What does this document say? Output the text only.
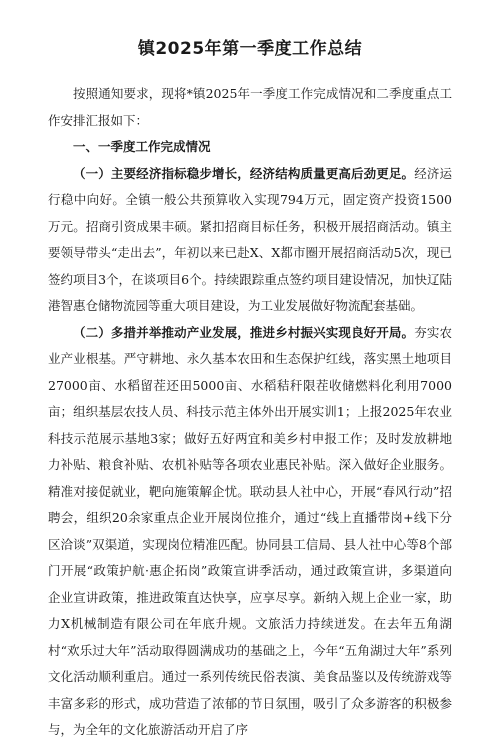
镇2025年第一季度工作总结

按照通知要求，现将*镇2025年一季度工作完成情况和二季度重点工作安排汇报如下：

一、一季度工作完成情况

（一）主要经济指标稳步增长，经济结构质量更高后劲更足。经济运行稳中向好。全镇一般公共预算收入实现794万元，固定资产投资1500万元。招商引资成果丰硕。紧扣招商目标任务，积极开展招商活动。镇主要领导带头“走出去”，年初以来已赴X、X都市圈开展招商活动5次，现已签约项目3个，在谈项目6个。持续跟踪重点签约项目建设情况，加快辽陆港智惠仓储物流园等重大项目建设，为工业发展做好物流配套基础。

（二）多措并举推动产业发展，推进乡村振兴实现良好开局。夯实农业产业根基。严守耕地、永久基本农田和生态保护红线，落实黑土地项目27000亩、水稻留茬还田5000亩、水稻秸秆限茬收储燃料化利用7000亩；组织基层农技人员、科技示范主体外出开展实训1；上报2025年农业科技示范展示基地3家；做好五好两宜和美乡村申报工作；及时发放耕地力补贴、粮食补贴、农机补贴等各项农业惠民补贴。深入做好企业服务。精准对接促就业，靶向施策解企忧。联动县人社中心，开展“春风行动”招聘会，组织20余家重点企业开展岗位推介，通过“线上直播带岗+线下分区洽谈”双渠道，实现岗位精准匹配。协同县工信局、县人社中心等8个部门开展“政策护航·惠企拓岗”政策宣讲季活动，通过政策宣讲，多渠道向企业宣讲政策，推进政策直达快享，应享尽享。新纳入规上企业一家，助力X机械制造有限公司在年底升规。文旅活力持续迸发。在去年五角湖村“欢乐过大年”活动取得圆满成功的基础之上，今年“五角湖过大年”系列文化活动顺利重启。通过一系列传统民俗表演、美食品鉴以及传统游戏等丰富多彩的形式，成功营造了浓郁的节日氛围，吸引了众多游客的积极参与，为全年的文化旅游活动开启了序
